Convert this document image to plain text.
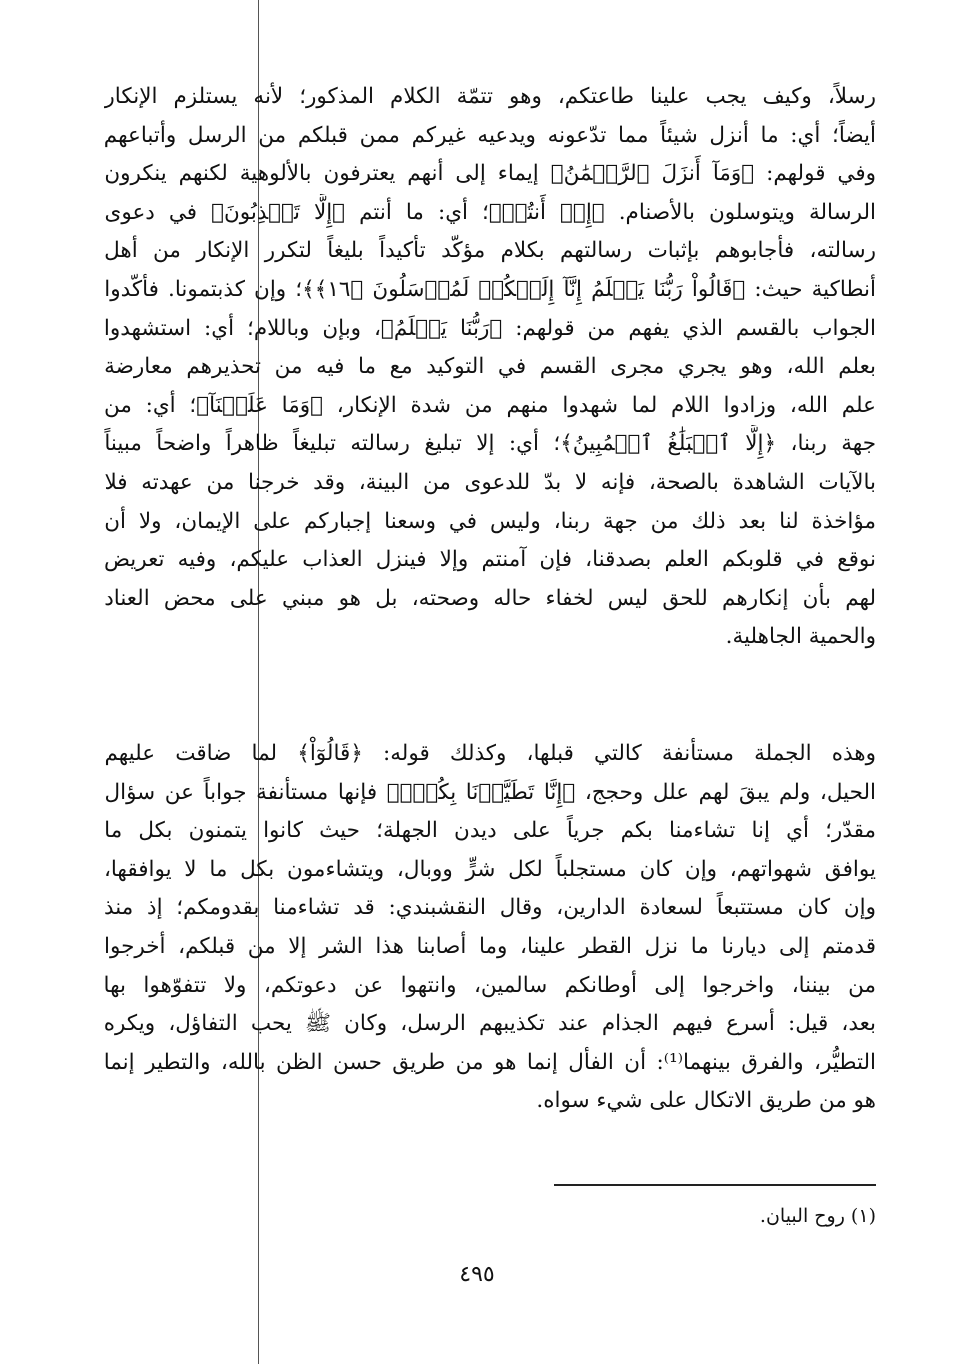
رسلاً، وكيف يجب علينا طاعتكم، وهو تتمّة الكلام المذكور؛ لأنه يستلزم الإنكار
أيضاً؛ أي: ما أنزل شيئاً مما تدّعونه ويدعيه غيركم ممن قبلكم من الرسل وأتباعهم
وفي قولهم: ﴿وَمَآ أَنزَلَ ٱلرَّحۡمَٰنُ﴾ إيماء إلى أنهم يعترفون بالألوهية لكنهم ينكرون
الرسالة ويتوسلون بالأصنام. ﴿إِنۡ أَنتُمۡ﴾؛ أي: ما أنتم ﴿إِلَّا تَكۡذِبُونَ﴾ في دعوى
رسالته، فأجابوهم بإثبات رسالتهم بكلام مؤكّد تأكيداً بليغاً لتكرر الإنكار من أهل
أنطاكية حيث: ﴿قَالُواْ رَبُّنَا يَعۡلَمُ إِنَّآ إِلَيۡكُمۡ لَمُرۡسَلُونَ ﴿١٦﴾﴾؛ وإن كذبتمونا. فأكّدوا
الجواب بالقسم الذي يفهم من قولهم: ﴿رَبُّنَا يَعۡلَمُ﴾، وبإن وباللام؛ أي: استشهدوا
بعلم الله، وهو يجري مجرى القسم في التوكيد مع ما فيه من تحذيرهم معارضة
علم الله، وزادوا اللام لما شهدوا منهم من شدة الإنكار، ﴿وَمَا عَلَيۡنَآ﴾؛ أي: من
جهة ربنا، ﴿إِلَّا ٱلۡبَلَٰغُ ٱلۡمُبِينُ﴾؛ أي: إلا تبليغ رسالته تبليغاً ظاهراً واضحاً مبيناً
بالآيات الشاهدة بالصحة، فإنه لا بدّ للدعوى من البينة، وقد خرجنا من عهدته فلا
مؤاخذة لنا بعد ذلك من جهة ربنا، وليس في وسعنا إجباركم على الإيمان، ولا أن
نوقع في قلوبكم العلم بصدقنا، فإن آمنتم وإلا فينزل العذاب عليكم، وفيه تعريض
لهم بأن إنكارهم للحق ليس لخفاء حاله وصحته، بل هو مبني على محض العناد
والحمية الجاهلية.
وهذه الجملة مستأنفة كالتي قبلها، وكذلك قوله: ﴿قَالُوٓاْ﴾ لما ضاقت عليهم
الحيل، ولم يبقَ لهم علل وحجج، ﴿إِنَّا تَطَيَّرۡنَا بِكُمۡۖ﴾ فإنها مستأنفة جواباً عن سؤال
مقدّر؛ أي إنا تشاءمنا بكم جرياً على ديدن الجهلة؛ حيث كانوا يتمنون بكل ما
يوافق شهواتهم، وإن كان مستجلباً لكل شرٍّ ووبال، ويتشاءمون بكل ما لا يوافقها،
وإن كان مستتبعاً لسعادة الدارين، وقال النقشبندي: قد تشاءمنا بقدومكم؛ إذ منذ
قدمتم إلى ديارنا ما نزل القطر علينا، وما أصابنا هذا الشر إلا من قبلكم، أخرجوا
من بيننا، واخرجوا إلى أوطانكم سالمين، وانتهوا عن دعوتكم، ولا تتفوّهوا بها
بعد، قيل: أسرع فيهم الجذام عند تكذيبهم الرسل، وكان ﷺ يحب التفاؤل، ويكره
التطيُّر، والفرق بينهما⁽¹⁾: أن الفأل إنما هو من طريق حسن الظن بالله، والتطير إنما
هو من طريق الاتكال على شيء سواه.
(١) روح البيان.
٤٩٥
